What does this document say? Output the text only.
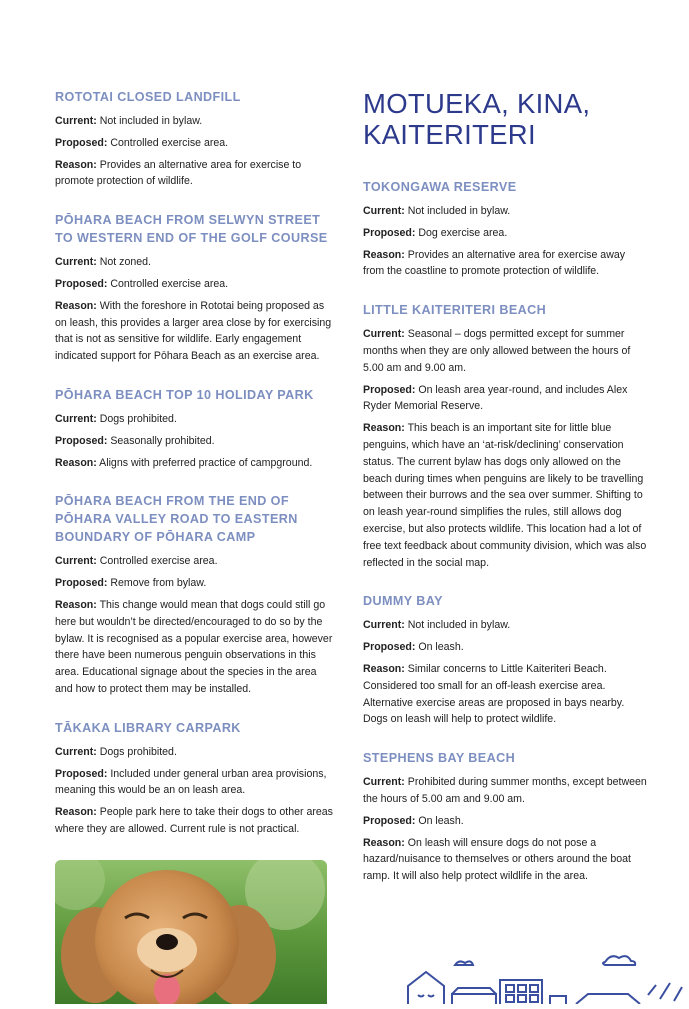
ROTOTAI CLOSED LANDFILL

Current: Not included in bylaw.

Proposed: Controlled exercise area.

Reason: Provides an alternative area for exercise to promote protection of wildlife.

PŌHARA BEACH FROM SELWYN STREET
TO WESTERN END OF THE GOLF COURSE

Current: Not zoned.

Proposed: Controlled exercise area.

Reason: With the foreshore in Rototai being proposed as on leash, this provides a larger area close by for exercising that is not as sensitive for wildlife. Early engagement indicated support for Pōhara Beach as an exercise area.

PŌHARA BEACH TOP 10 HOLIDAY PARK

Current: Dogs prohibited.

Proposed: Seasonally prohibited.

Reason: Aligns with preferred practice of campground.

PŌHARA BEACH FROM THE END OF
PŌHARA VALLEY ROAD TO EASTERN
BOUNDARY OF PŌHARA CAMP

Current: Controlled exercise area.

Proposed: Remove from bylaw.

Reason: This change would mean that dogs could still go here but wouldn’t be directed/encouraged to do so by the bylaw. It is recognised as a popular exercise area, however there have been numerous penguin observations in this area. Educational signage about the species in the area and how to protect them may be installed.

TĀKAKA LIBRARY CARPARK

Current: Dogs prohibited.

Proposed: Included under general urban area provisions, meaning this would be an on leash area.

Reason: People park here to take their dogs to other areas where they are allowed. Current rule is not practical.

MOTUEKA, KINA,
KAITERITERI
TOKONGAWA RESERVE

Current: Not included in bylaw.

Proposed: Dog exercise area.

Reason: Provides an alternative area for exercise away from the coastline to promote protection of wildlife.

LITTLE KAITERITERI BEACH

Current: Seasonal – dogs permitted except for summer months when they are only allowed between the hours of 5.00 am and 9.00 am.

Proposed: On leash area year-round, and includes Alex Ryder Memorial Reserve.

Reason: This beach is an important site for little blue penguins, which have an ‘at-risk/declining’ conservation status. The current bylaw has dogs only allowed on the beach during times when penguins are likely to be travelling between their burrows and the sea over summer. Shifting to on leash year-round simplifies the rules, still allows dog exercise, but also protects wildlife. This location had a lot of free text feedback about community division, which was also reflected in the social map.

DUMMY BAY

Current: Not included in bylaw.

Proposed: On leash.

Reason: Similar concerns to Little Kaiteriteri Beach. Considered too small for an off-leash exercise area. Alternative exercise areas are proposed in bays nearby. Dogs on leash will help to protect wildlife.

STEPHENS BAY BEACH

Current: Prohibited during summer months, except between the hours of 5.00 am and 9.00 am.

Proposed: On leash.

Reason: On leash will ensure dogs do not pose a hazard/nuisance to themselves or others around the boat ramp. It will also help protect wildlife in the area.
